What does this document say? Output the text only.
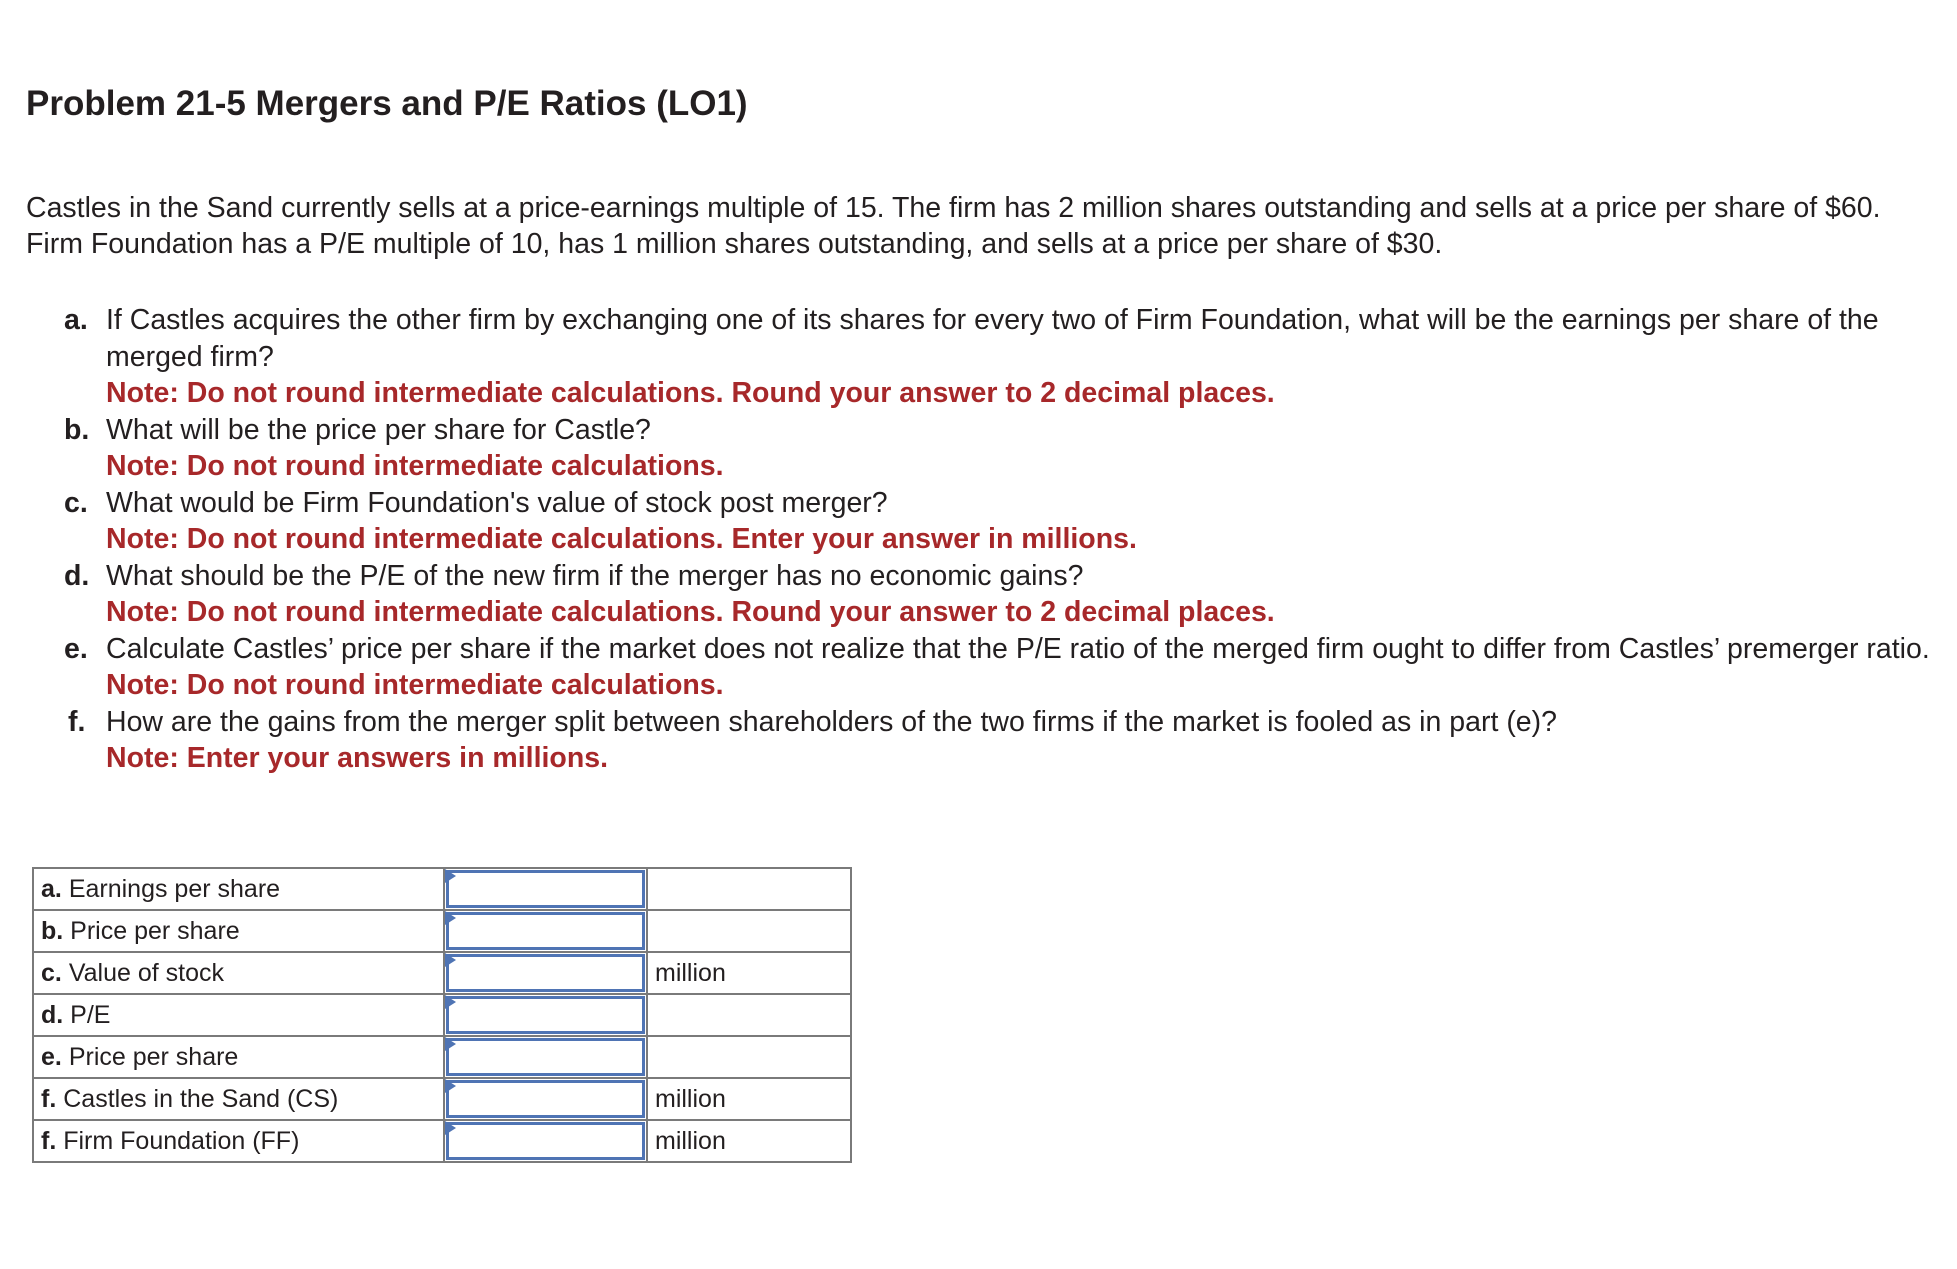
Problem 21-5 Mergers and P/E Ratios (LO1)

Castles in the Sand currently sells at a price-earnings multiple of 15. The firm has 2 million shares outstanding and sells at a price per share of $60. Firm Foundation has a P/E multiple of 10, has 1 million shares outstanding, and sells at a price per share of $30.

a. If Castles acquires the other firm by exchanging one of its shares for every two of Firm Foundation, what will be the earnings per share of the merged firm?
Note: Do not round intermediate calculations. Round your answer to 2 decimal places.
b. What will be the price per share for Castle?
Note: Do not round intermediate calculations.
c. What would be Firm Foundation's value of stock post merger?
Note: Do not round intermediate calculations. Enter your answer in millions.
d. What should be the P/E of the new firm if the merger has no economic gains?
Note: Do not round intermediate calculations. Round your answer to 2 decimal places.
e. Calculate Castles’ price per share if the market does not realize that the P/E ratio of the merged firm ought to differ from Castles’ premerger ratio.
Note: Do not round intermediate calculations.
f. How are the gains from the merger split between shareholders of the two firms if the market is fooled as in part (e)?
Note: Enter your answers in millions.
a. Earnings per share	

b. Price per share	

c. Value of stock		million
d. P/E	

e. Price per share	

f. Castles in the Sand (CS)		million
f. Firm Foundation (FF)		million
